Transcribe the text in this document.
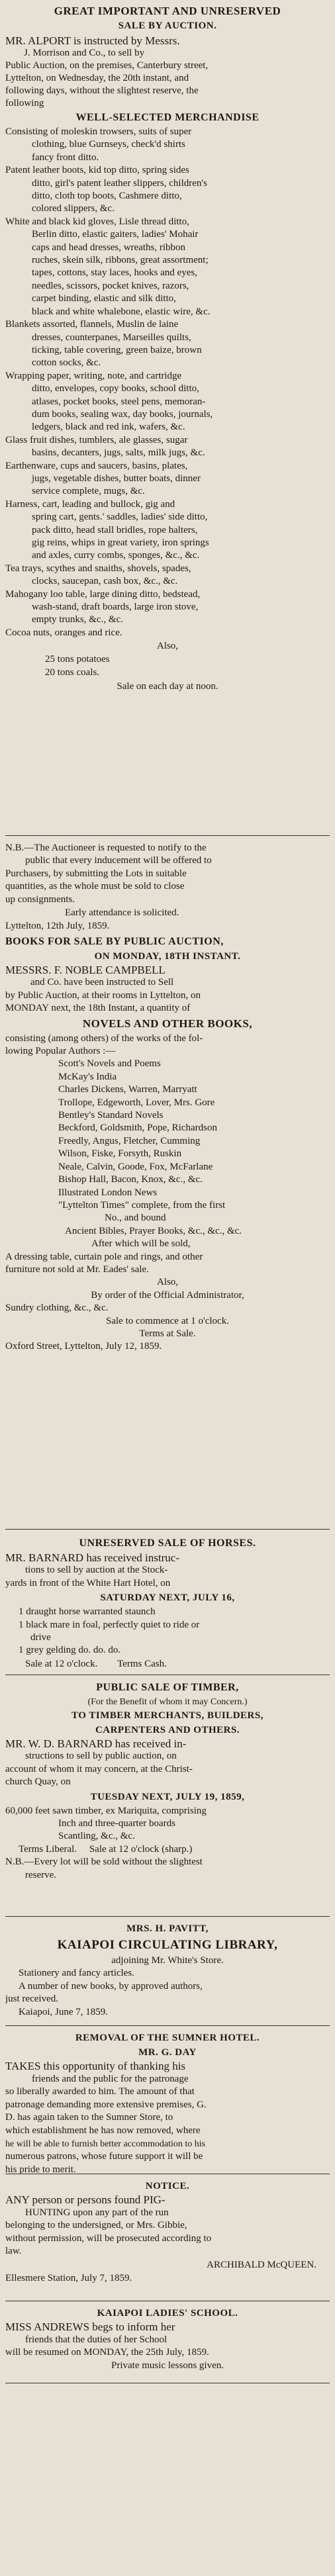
GREAT IMPORTANT AND UNRESERVED
SALE BY AUCTION.
MR. ALPORT is instructed by Messrs.
J. Morrison and Co., to sell by
Public Auction, on the premises, Canterbury street,
Lyttelton, on Wednesday, the 20th instant, and
following days, without the slightest reserve, the
following
WELL-SELECTED MERCHANDISE
Consisting of moleskin trowsers, suits of super
clothing, blue Gurnseys, check'd shirts
fancy front ditto.
Patent leather boots, kid top ditto, spring sides
ditto, girl's patent leather slippers, children's
ditto, cloth top boots, Cashmere ditto,
colored slippers, &c.
White and black kid gloves, Lisle thread ditto,
Berlin ditto, elastic gaiters, ladies' Mohair
caps and head dresses, wreaths, ribbon
ruches, skein silk, ribbons, great assortment;
tapes, cottons, stay laces, hooks and eyes,
needles, scissors, pocket knives, razors,
carpet binding, elastic and silk ditto,
black and white whalebone, elastic wire, &c.
Blankets assorted, flannels, Muslin de laine
dresses, counterpanes, Marseilles quilts,
ticking, table covering, green baize, brown
cotton socks, &c.
Wrapping paper, writing, note, and cartridge
ditto, envelopes, copy books, school ditto,
atlases, pocket books, steel pens, memoran-
dum books, sealing wax, day books, journals,
ledgers, black and red ink, wafers, &c.
Glass fruit dishes, tumblers, ale glasses, sugar
basins, decanters, jugs, salts, milk jugs, &c.
Earthenware, cups and saucers, basins, plates,
jugs, vegetable dishes, butter boats, dinner
service complete, mugs, &c.
Harness, cart, leading and bullock, gig and
spring cart, gents.' saddles, ladies' side ditto,
pack ditto, head stall bridles, rope halters,
gig reins, whips in great variety, iron springs
and axles, curry combs, sponges, &c., &c.
Tea trays, scythes and snaiths, shovels, spades,
clocks, saucepan, cash box, &c., &c.
Mahogany loo table, large dining ditto, bedstead,
wash-stand, draft boards, large iron stove,
empty trunks, &c., &c.
Cocoa nuts, oranges and rice.
Also,
25 tons potatoes
20 tons coals.
Sale on each day at noon.
N.B.—The Auctioneer is requested to notify to the
public that every inducement will be offered to
Purchasers, by submitting the Lots in suitable
quantities, as the whole must be sold to close
up consignments.
Early attendance is solicited.
Lyttelton, 12th July, 1859.
BOOKS FOR SALE BY PUBLIC AUCTION,
ON MONDAY, 18TH INSTANT.
MESSRS. F. NOBLE CAMPBELL
and Co. have been instructed to Sell
by Public Auction, at their rooms in Lyttelton, on
MONDAY next, the 18th Instant, a quantity of
NOVELS AND OTHER BOOKS,
consisting (among others) of the works of the fol-
lowing Popular Authors :—
Scott's Novels and Poems
McKay's India
Charles Dickens, Warren, Marryatt
Trollope, Edgeworth, Lover, Mrs. Gore
Bentley's Standard Novels
Beckford, Goldsmith, Pope, Richardson
Freedly, Angus, Fletcher, Cumming
Wilson, Fiske, Forsyth, Ruskin
Neale, Calvin, Goode, Fox, McFarlane
Bishop Hall, Bacon, Knox, &c., &c.
Illustrated London News
"Lyttelton Times" complete, from the first
No., and bound
Ancient Bibles, Prayer Books, &c., &c., &c.
After which will be sold,
A dressing table, curtain pole and rings, and other
furniture not sold at Mr. Eades' sale.
Also,
By order of the Official Administrator,
Sundry clothing, &c., &c.
Sale to commence at 1 o'clock.
Terms at Sale.
Oxford Street, Lyttelton, July 12, 1859.
UNRESERVED SALE OF HORSES.
MR. BARNARD has received instruc-
tions to sell by auction at the Stock-
yards in front of the White Hart Hotel, on
SATURDAY NEXT, JULY 16,
1 draught horse warranted staunch
1 black mare in foal, perfectly quiet to ride or
drive
1 grey gelding do. do. do.
Sale at 12 o'clock.        Terms Cash.
PUBLIC SALE OF TIMBER,
(For the Benefit of whom it may Concern.)
TO TIMBER MERCHANTS, BUILDERS,
CARPENTERS AND OTHERS.
MR. W. D. BARNARD has received in-
structions to sell by public auction, on
account of whom it may concern, at the Christ-
church Quay, on
TUESDAY NEXT, JULY 19, 1859,
60,000 feet sawn timber, ex Mariquita, comprising
Inch and three-quarter boards
Scantling, &c., &c.
Terms Liberal.     Sale at 12 o'clock (sharp.)
N.B.—Every lot will be sold without the slightest
reserve.
MRS. H. PAVITT,
KAIAPOI CIRCULATING LIBRARY,
adjoining Mr. White's Store.
Stationery and fancy articles.
A number of new books, by approved authors,
just received.
Kaiapoi, June 7, 1859.
REMOVAL OF THE SUMNER HOTEL.
MR. G. DAY
TAKES this opportunity of thanking his
friends and the public for the patronage
so liberally awarded to him. The amount of that
patronage demanding more extensive premises, G.
D. has again taken to the Sumner Store, to
which establishment he has now removed, where
he will be able to furnish better accommodation to his
numerous patrons, whose future support it will be
his pride to merit.
NOTICE.
ANY person or persons found PIG-
HUNTING upon any part of the run
belonging to the undersigned, or Mrs. Gibbie,
without permission, will be prosecuted according to
law.
ARCHIBALD McQUEEN.
Ellesmere Station, July 7, 1859.
KAIAPOI LADIES' SCHOOL.
MISS ANDREWS begs to inform her
friends that the duties of her School
will be resumed on MONDAY, the 25th July, 1859.
Private music lessons given.
